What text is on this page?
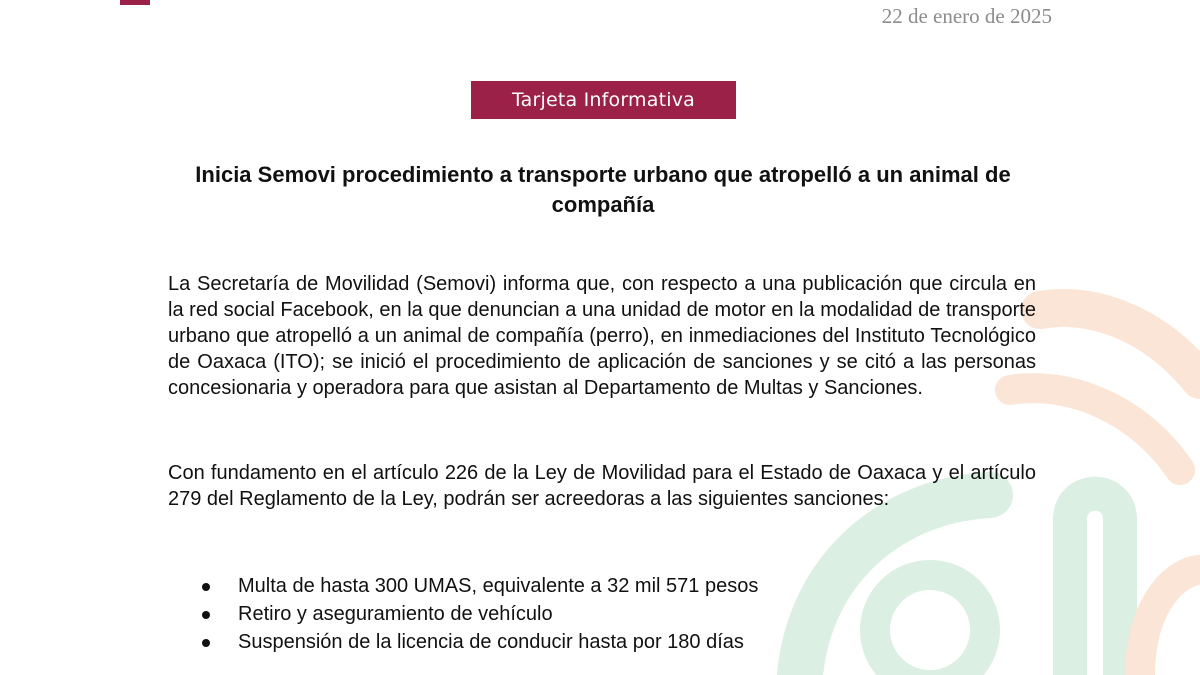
22 de enero de 2025
Tarjeta Informativa
Inicia Semovi procedimiento a transporte urbano que atropelló a un animal de compañía

La Secretaría de Movilidad (Semovi) informa que, con respecto a una publicación que circula en la red social Facebook, en la que denuncian a una unidad de motor en la modalidad de transporte urbano que atropelló a un animal de compañía (perro), en inmediaciones del Instituto Tecnológico de Oaxaca (ITO); se inició el procedimiento de aplicación de sanciones y se citó a las personas concesionaria y operadora para que asistan al Departamento de Multas y Sanciones.

Con fundamento en el artículo 226 de la Ley de Movilidad para el Estado de Oaxaca y el artículo 279 del Reglamento de la Ley, podrán ser acreedoras a las siguientes sanciones:

Multa de hasta 300 UMAS, equivalente a 32 mil 571 pesos
Retiro y aseguramiento de vehículo
Suspensión de la licencia de conducir hasta por 180 días
